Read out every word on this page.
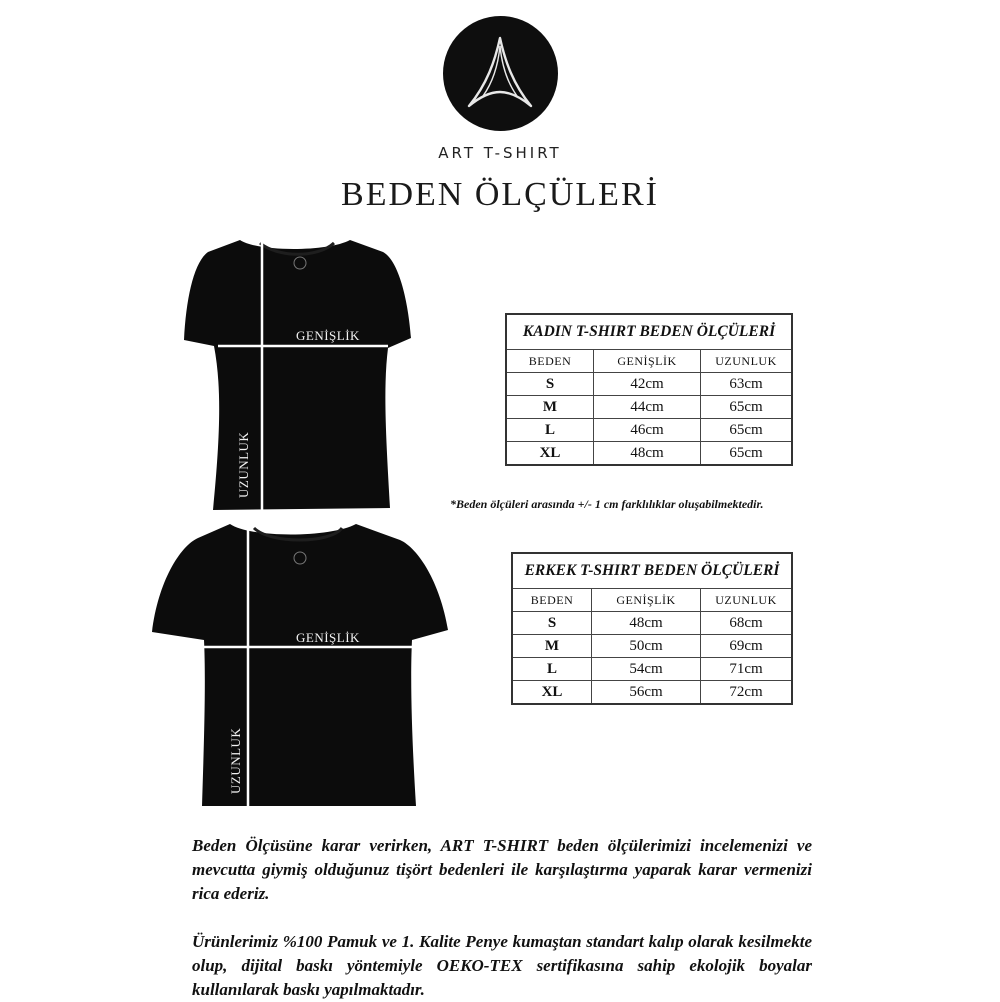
ART T-SHIRT
BEDEN ÖLÇÜLERİ
GENİŞLİK
UZUNLUK
GENİŞLİK
UZUNLUK
KADIN T-SHIRT BEDEN ÖLÇÜLERİ		
BEDEN	GENİŞLİK	UZUNLUK
S	42cm	63cm
M	44cm	65cm
L	46cm	65cm
XL	48cm	65cm
*Beden ölçüleri arasında +/- 1 cm farklılıklar oluşabilmektedir.
ERKEK T-SHIRT BEDEN ÖLÇÜLERİ		
BEDEN	GENİŞLİK	UZUNLUK
S	48cm	68cm
M	50cm	69cm
L	54cm	71cm
XL	56cm	72cm
Beden Ölçüsüne karar verirken, ART T-SHIRT beden ölçülerimizi incelemenizi ve mevcutta giymiş olduğunuz tişört bedenleri ile karşılaştırma yaparak karar vermenizi rica ederiz.
Ürünlerimiz %100 Pamuk ve 1. Kalite Penye kumaştan standart kalıp olarak kesilmekte olup, dijital baskı yöntemiyle OEKO-TEX sertifikasına sahip ekolojik boyalar kullanılarak baskı yapılmaktadır.
